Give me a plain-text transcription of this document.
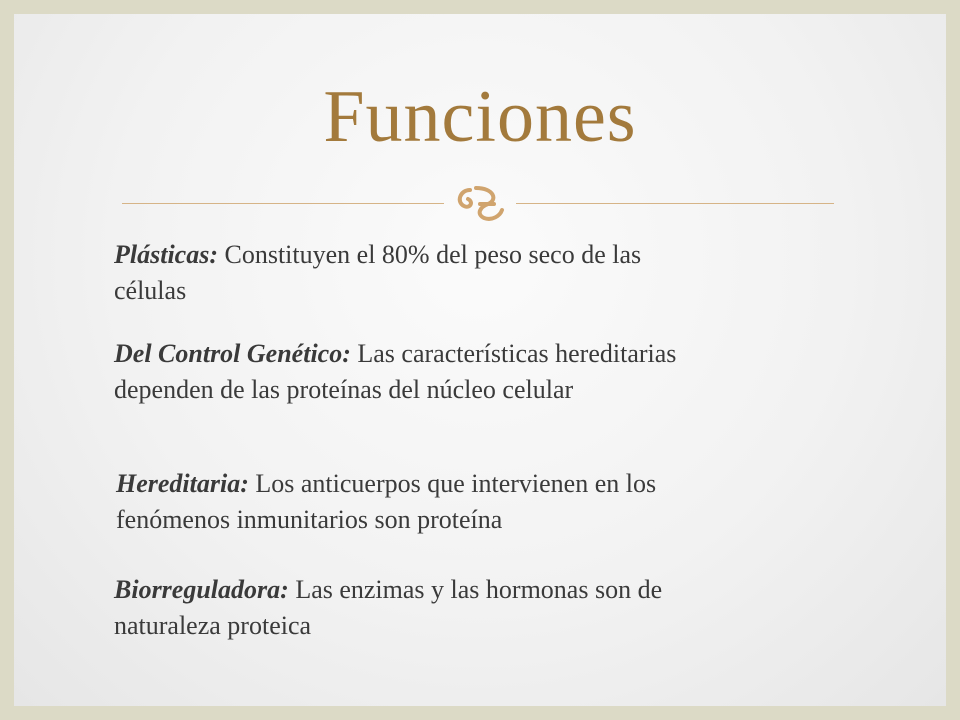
Funciones
Plásticas: Constituyen el 80% del peso seco de las
células
Del Control Genético: Las características hereditarias
dependen de las proteínas del núcleo celular
Hereditaria: Los anticuerpos que intervienen en los
fenómenos inmunitarios son proteína
Biorreguladora: Las enzimas y las hormonas son de
naturaleza proteica
